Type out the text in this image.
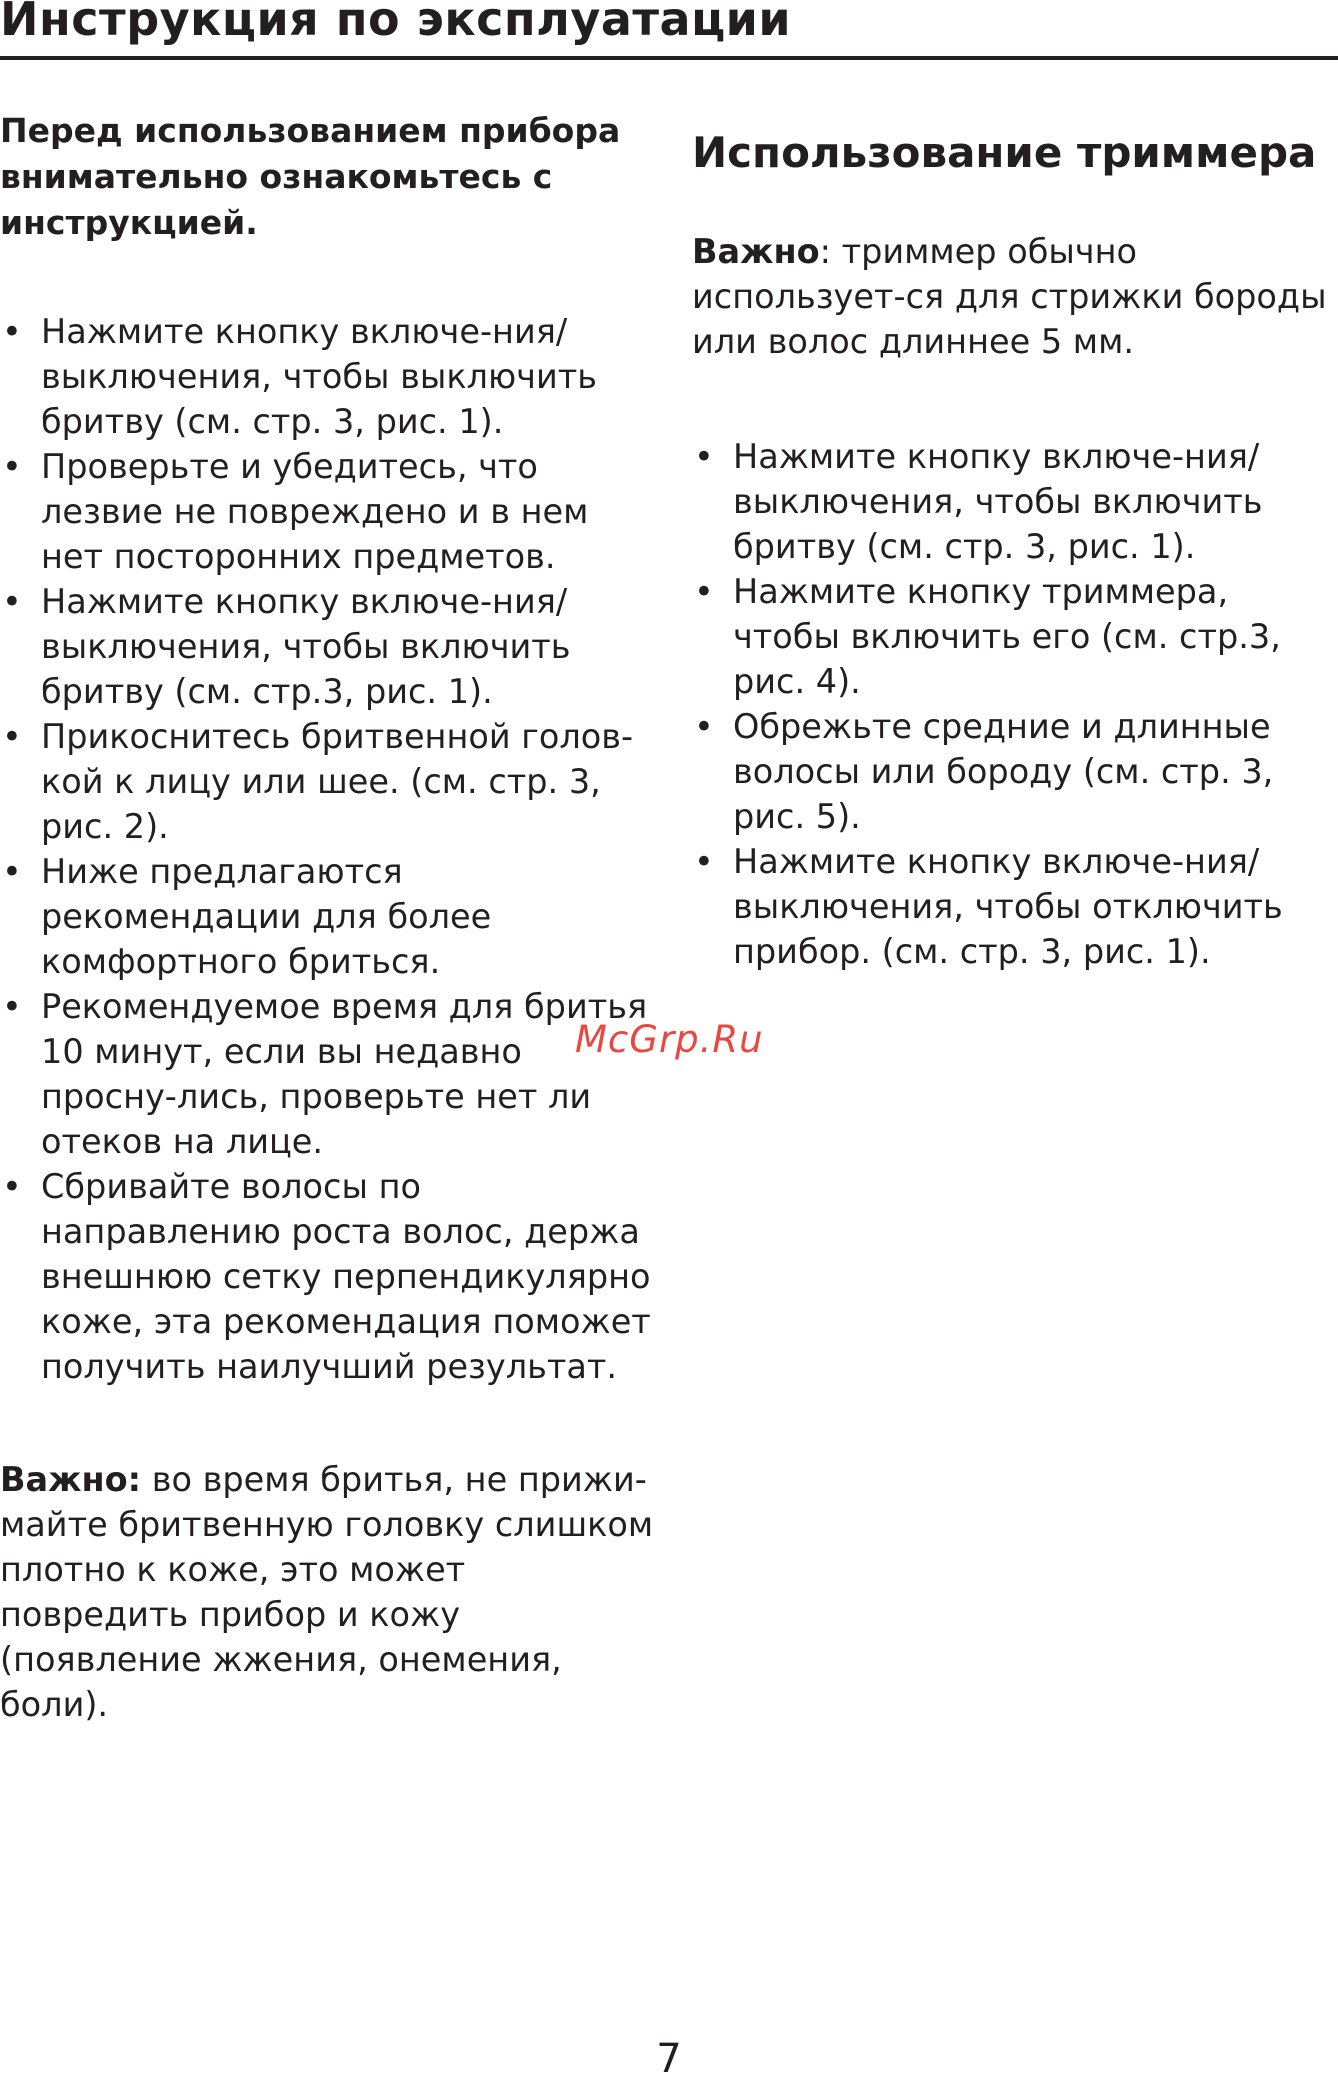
Инструкция по эксплуатации

Перед использованием прибора внимательно ознакомьтесь с инструкцией.

• Нажмите кнопку включе-ния/выключения, чтобы выключить бритву (см. стр. 3, рис. 1).
• Проверьте и убедитесь, что лезвие не повреждено и в нем нет посторонних предметов.
• Нажмите кнопку включе-ния/выключения, чтобы включить бритву (см. стр.3, рис. 1).
• Прикоснитесь бритвенной голов-кой к лицу или шее. (см. стр. 3, рис. 2).
• Ниже предлагаются рекомендации для более комфортного бриться.
• Рекомендуемое время для бритья 10 минут, если вы недавно просну-лись, проверьте нет ли отеков на лице.
• Сбривайте волосы по направлению роста волос, держа внешнюю сетку перпендикулярно коже, эта рекомендация поможет получить наилучший результат.

Важно: во время бритья, не прижи-майте бритвенную головку слишком плотно к коже, это может повредить прибор и кожу (появление жжения, онемения, боли).

Использование триммера

Важно: триммер обычно использует-ся для стрижки бороды или волос длиннее 5 мм.

• Нажмите кнопку включе-ния/выключения, чтобы включить бритву (см. стр. 3, рис. 1).
• Нажмите кнопку триммера, чтобы включить его (см. стр.3, рис. 4).
• Обрежьте средние и длинные волосы или бороду (см. стр. 3, рис. 5).
• Нажмите кнопку включе-ния/выключения, чтобы отключить прибор. (см. стр. 3, рис. 1).
McGrp.Ru
7
